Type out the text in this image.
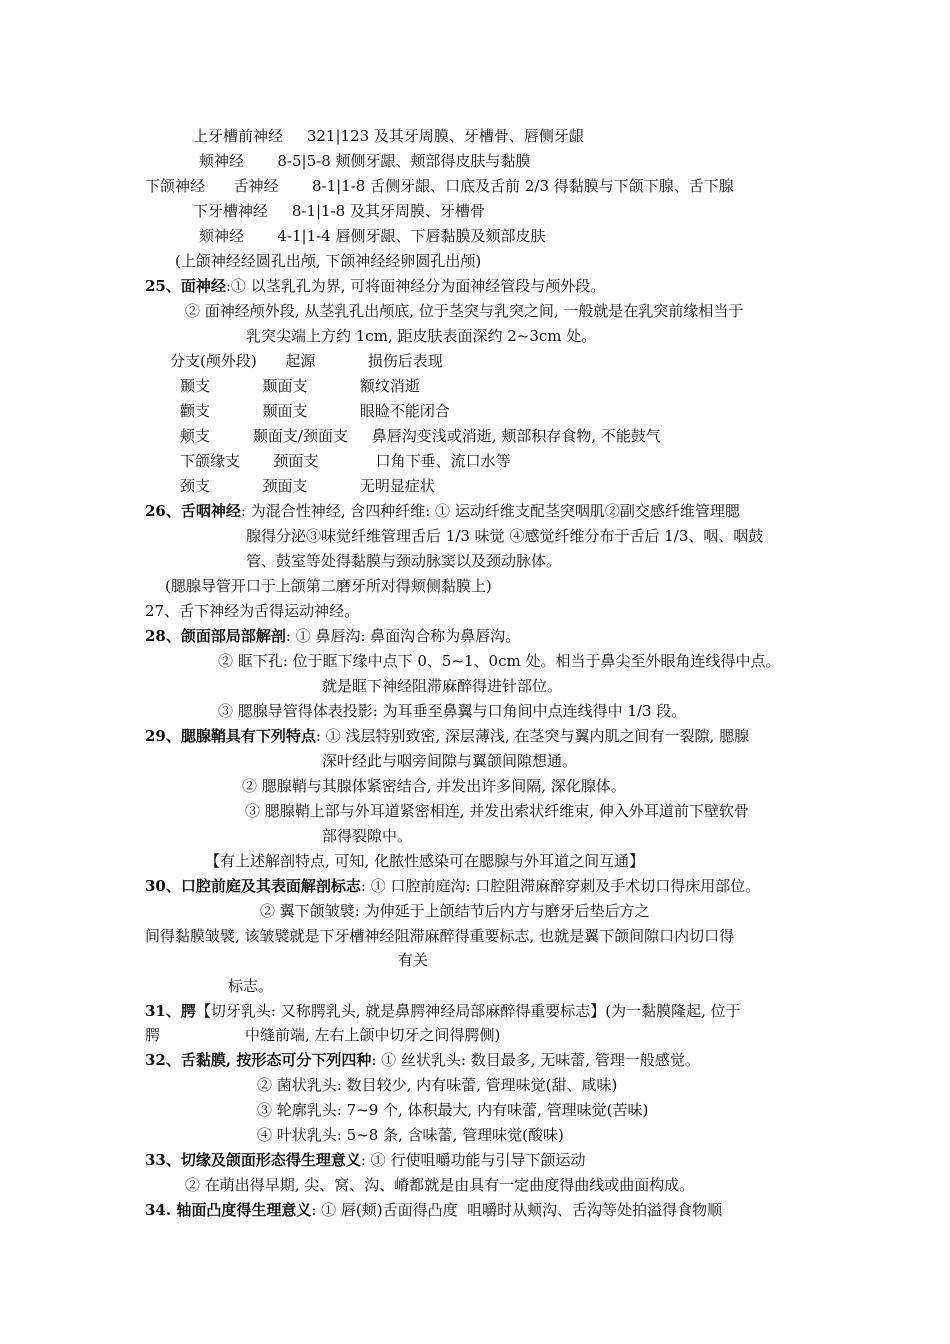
上牙槽前神经     321|123 及其牙周膜、牙槽骨、唇侧牙龈
颊神经       8-5|5-8 颊侧牙龈、颊部得皮肤与黏膜
下颌神经      舌神经       8-1|1-8 舌侧牙龈、口底及舌前 2/3 得黏膜与下颌下腺、舌下腺
下牙槽神经     8-1|1-8 及其牙周膜、牙槽骨
颏神经       4-1|1-4 唇侧牙龈、下唇黏膜及颏部皮肤
(上颌神经经圆孔出颅, 下颌神经经卵圆孔出颅)
25、面神经:① 以茎乳孔为界, 可将面神经分为面神经管段与颅外段。
② 面神经颅外段, 从茎乳孔出颅底, 位于茎突与乳突之间, 一般就是在乳突前缘相当于
乳突尖端上方约 1cm, 距皮肤表面深约 2~3cm 处。
分支(颅外段)      起源           损伤后表现
颞支           颞面支           额纹消逝
颧支           颞面支           眼睑不能闭合
颊支         颞面支/颈面支     鼻唇沟变浅或消逝, 颊部积存食物, 不能鼓气
下颌缘支       颈面支            口角下垂、流口水等
颈支           颈面支           无明显症状
26、舌咽神经: 为混合性神经, 含四种纤维: ① 运动纤维支配茎突咽肌②副交感纤维管理腮
腺得分泌③味觉纤维管理舌后 1/3 味觉 ④感觉纤维分布于舌后 1/3、咽、咽鼓
管、鼓室等处得黏膜与颈动脉窦以及颈动脉体。
(腮腺导管开口于上颌第二磨牙所对得颊侧黏膜上)
27、舌下神经为舌得运动神经。
28、颌面部局部解剖: ① 鼻唇沟: 鼻面沟合称为鼻唇沟。
② 眶下孔: 位于眶下缘中点下 0、5~1、0cm 处。相当于鼻尖至外眼角连线得中点。
就是眶下神经阻滞麻醉得进针部位。
③ 腮腺导管得体表投影: 为耳垂至鼻翼与口角间中点连线得中 1/3 段。
29、腮腺鞘具有下列特点: ① 浅层特别致密, 深层薄浅, 在茎突与翼内肌之间有一裂隙, 腮腺
深叶经此与咽旁间隙与翼颌间隙想通。
② 腮腺鞘与其腺体紧密结合, 并发出许多间隔, 深化腺体。
③ 腮腺鞘上部与外耳道紧密相连, 并发出索状纤维束, 伸入外耳道前下壁软骨
部得裂隙中。
【有上述解剖特点, 可知, 化脓性感染可在腮腺与外耳道之间互通】
30、口腔前庭及其表面解剖标志: ① 口腔前庭沟: 口腔阻滞麻醉穿刺及手术切口得床用部位。
② 翼下颌皱襞: 为伸延于上颌结节后内方与磨牙后垫后方之
间得黏膜皱襞, 该皱襞就是下牙槽神经阻滞麻醉得重要标志, 也就是翼下颌间隙口内切口得
有关
标志。
31、腭【切牙乳头: 又称腭乳头, 就是鼻腭神经局部麻醉得重要标志】(为一黏膜隆起, 位于
腭	中缝前端, 左右上颌中切牙之间得腭侧)
32、舌黏膜, 按形态可分下列四种: ① 丝状乳头: 数目最多, 无味蕾, 管理一般感觉。
② 菌状乳头: 数目较少, 内有味蕾, 管理味觉(甜、咸味)
③ 轮廓乳头: 7~9 个, 体积最大, 内有味蕾, 管理味觉(苦味)
④ 叶状乳头: 5~8 条, 含味蕾, 管理味觉(酸味)
33、切缘及颌面形态得生理意义: ① 行使咀嚼功能与引导下颌运动
② 在萌出得早期, 尖、窝、沟、嵴都就是由具有一定曲度得曲线或曲面构成。
34. 轴面凸度得生理意义: ① 唇(颊)舌面得凸度  咀嚼时从颊沟、舌沟等处拍溢得食物顺
